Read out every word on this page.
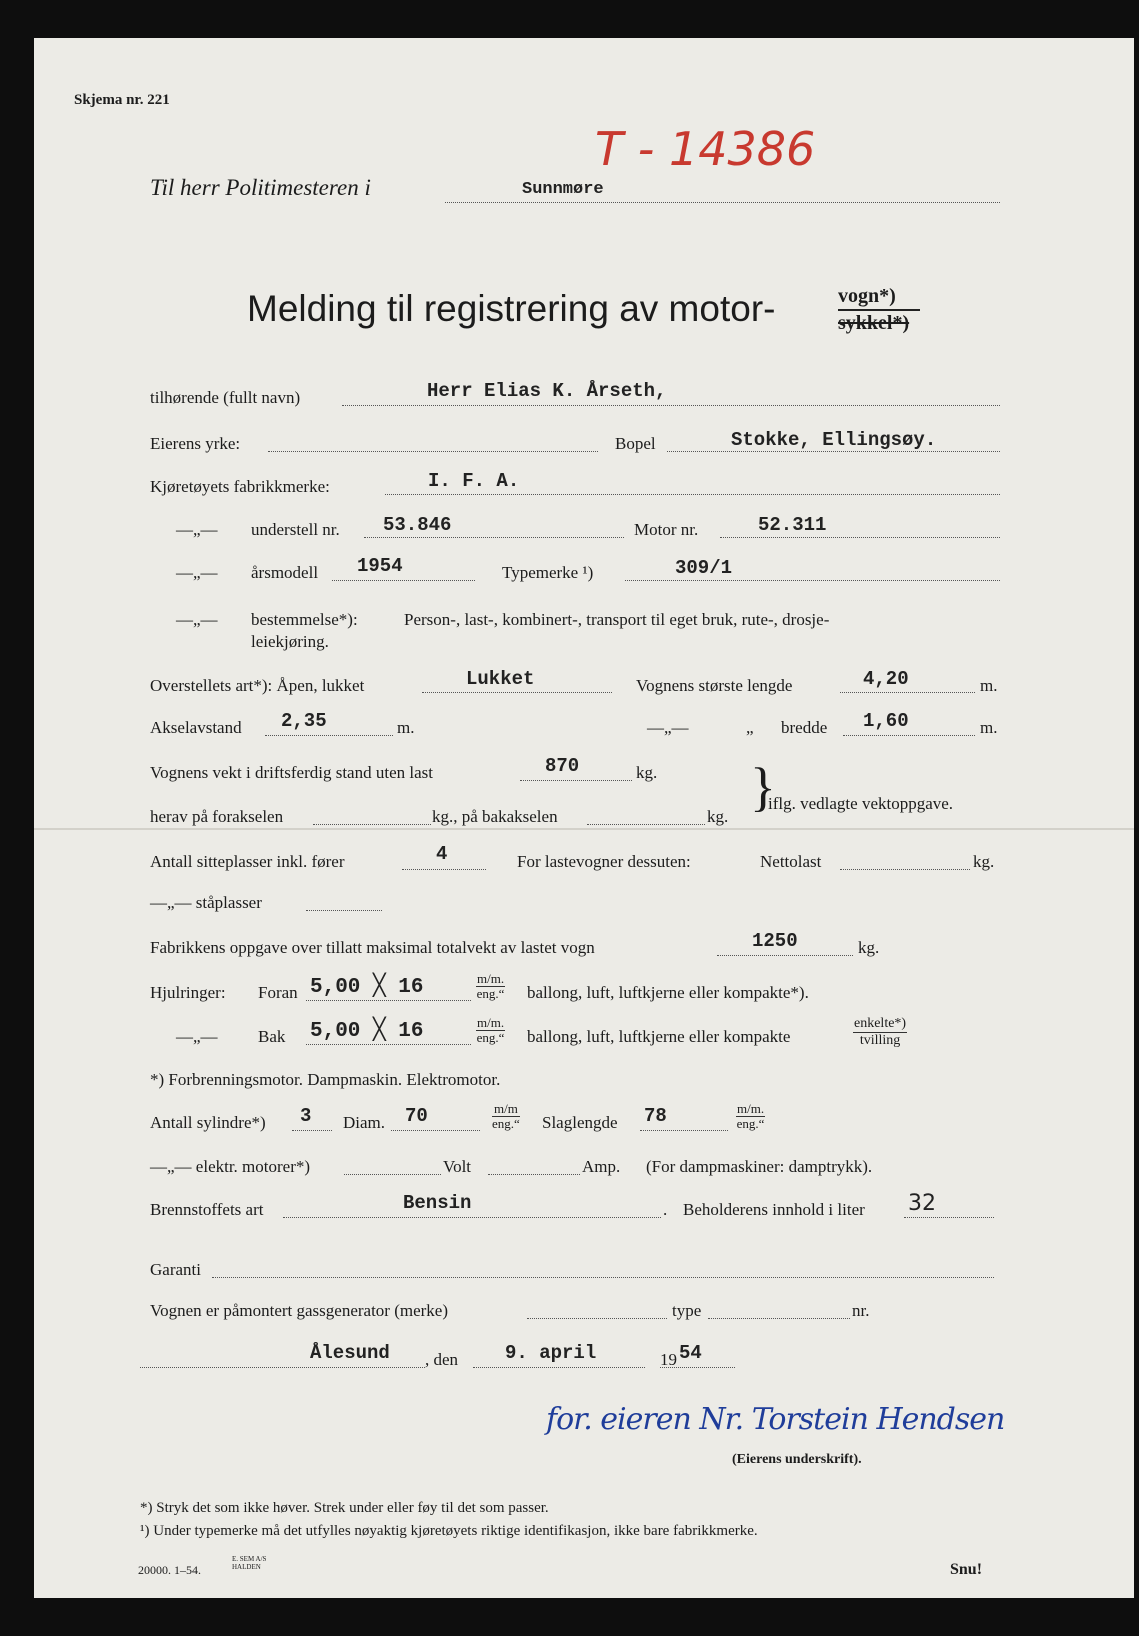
Skjema nr. 221
T - 14386
Til herr Politimesteren i	Sunnmøre
Melding til registrering av motor-	vogn*)
sykkel*)
tilhørende (fullt navn)	Herr Elias K. Årseth,
Eierens yrke:	Bopel	Stokke, Ellingsøy.
Kjøretøyets fabrikkmerke:	I. F. A.
—„— understell nr. 53.846	Motor nr.	52.311
—„— årsmodell 1954	Typemerke ¹)	309/1
—„— bestemmelse*):	Person-, last-, kombinert-, transport til eget bruk, rute-, drosje-
leiekjøring.
Overstellets art*): Åpen, lukket	Lukket	Vognens største lengde	4,20	m.
Akselavstand 2,35	m.	—„—	„ bredde 1,60	m.
Vognens vekt i driftsferdig stand uten last	870	kg.
herav på forakselen	kg., på bakakselen	kg. }
iflg. vedlagte vektoppgave.
Antall sitteplasser inkl. fører	4	For lastevogner dessuten:	Nettolast	kg.
—„— ståplasser
Fabrikkens oppgave over tillatt maksimal totalvekt av lastet vogn	1250	kg.
Hjulringer: Foran 5,00 ╳ 16	m/m.
eng.“ ballong, luft, luftkjerne eller kompakte*).
—„— Bak 5,00 ╳ 16	m/m.
eng.“ ballong, luft, luftkjerne eller kompakte
enkelte*)
tvilling
*) Forbrenningsmotor. Dampmaskin. Elektromotor.
Antall sylindre*) 3 Diam. 70	m/m
eng.“ Slaglengde 78	m/m.
eng.“
—„— elektr. motorer*)	Volt	Amp. (For dampmaskiner: damptrykk).
Brennstoffets art	Bensin	. Beholderens innhold i liter 32
Garanti
Vognen er påmontert gassgenerator (merke)	type	nr.
Ålesund , den 9. april	19 54
for. eieren Nr. Torstein Hendsen
(Eierens underskrift).
*) Stryk det som ikke høver. Strek under eller føy til det som passer.
¹) Under typemerke må det utfylles nøyaktig kjøretøyets riktige identifikasjon, ikke bare fabrikkmerke.
20000. 1–54.
E. SEM A/S
HALDEN	Snu!
